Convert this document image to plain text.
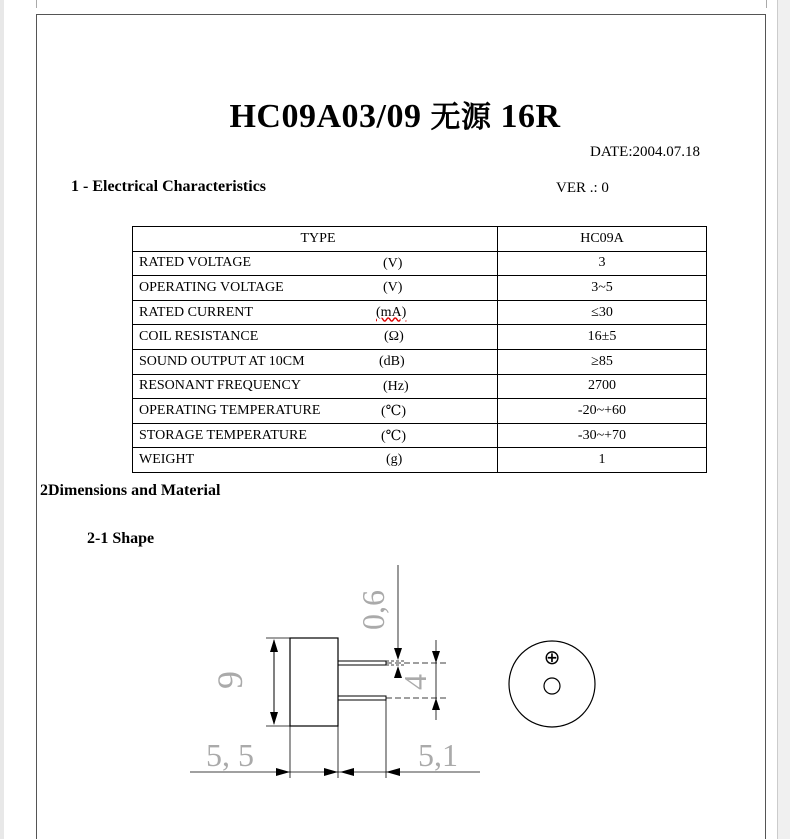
HC09A03/09 无源 16R
DATE:2004.07.18
1 - Electrical Characteristics	VER .: 0
TYPE	HC09A
RATED VOLTAGE (V)	3
OPERATING VOLTAGE (V)	3~5
RATED CURRENT (mA)	≤30
COIL RESISTANCE (Ω)	16±5
SOUND OUTPUT AT 10CM (dB)	≥85
RESONANT FREQUENCY (Hz)	2700
OPERATING TEMPERATURE (℃)	-20~+60
STORAGE TEMPERATURE (℃)	-30~+70
WEIGHT (g)	1
2Dimensions and Material
2-1 Shape
9
0,6
4
5, 5	5,1
⊕
